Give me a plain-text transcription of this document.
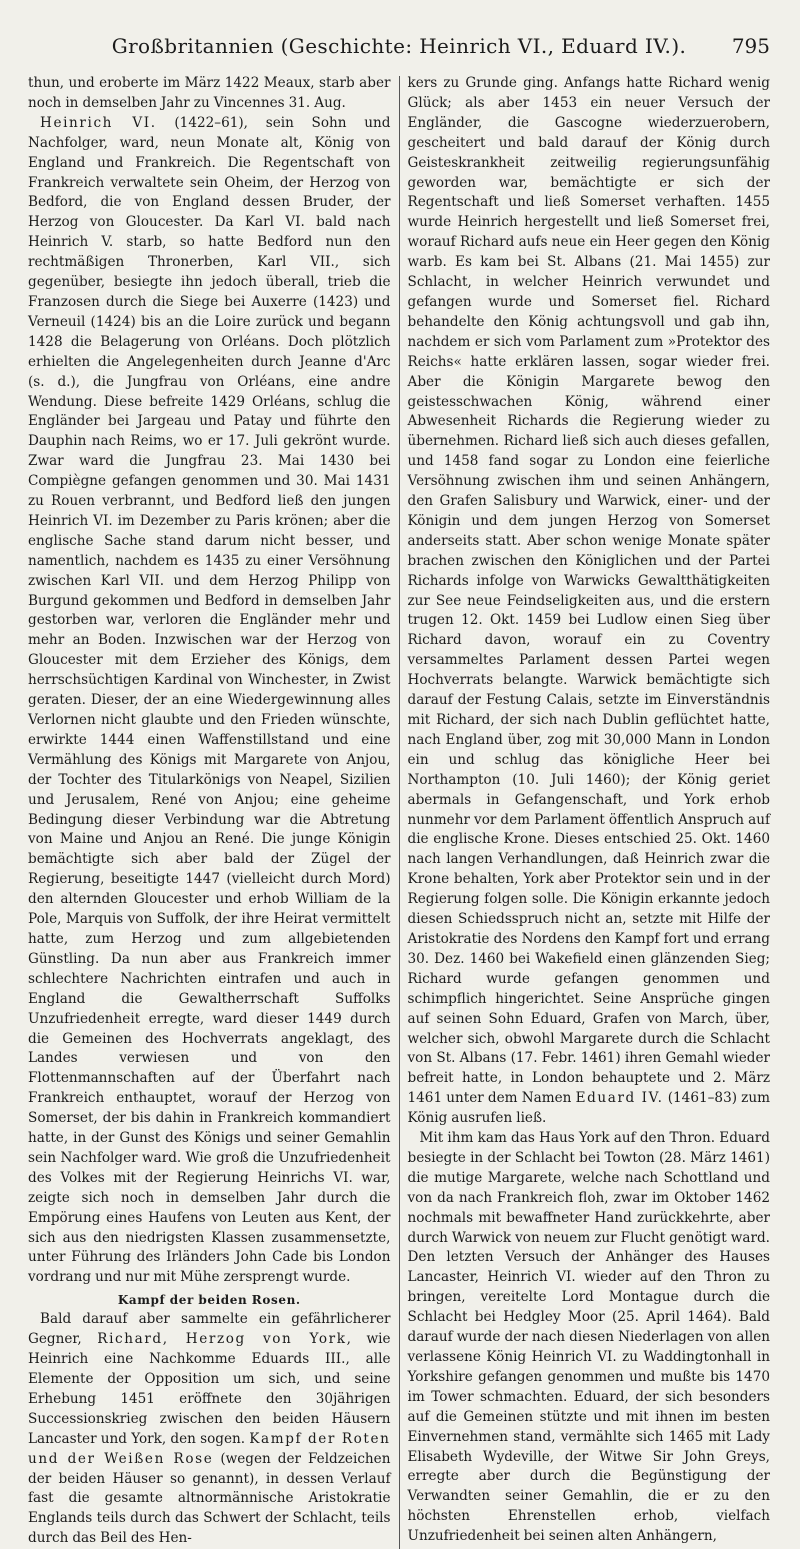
Großbritannien (Geschichte: Heinrich VI., Eduard IV.).	795

thun, und eroberte im März 1422 Meaux, starb aber noch in demselben Jahr zu Vincennes 31. Aug.

Heinrich VI. (1422–61), sein Sohn und Nachfolger, ward, neun Monate alt, König von England und Frankreich. Die Regentschaft von Frankreich verwaltete sein Oheim, der Herzog von Bedford, die von England dessen Bruder, der Herzog von Gloucester. Da Karl VI. bald nach Heinrich V. starb, so hatte Bedford nun den rechtmäßigen Thronerben, Karl VII., sich gegenüber, besiegte ihn jedoch überall, trieb die Franzosen durch die Siege bei Auxerre (1423) und Verneuil (1424) bis an die Loire zurück und begann 1428 die Belagerung von Orléans. Doch plötzlich erhielten die Angelegenheiten durch Jeanne d'Arc (s. d.), die Jungfrau von Orléans, eine andre Wendung. Diese befreite 1429 Orléans, schlug die Engländer bei Jargeau und Patay und führte den Dauphin nach Reims, wo er 17. Juli gekrönt wurde. Zwar ward die Jungfrau 23. Mai 1430 bei Compiègne gefangen genommen und 30. Mai 1431 zu Rouen verbrannt, und Bedford ließ den jungen Heinrich VI. im Dezember zu Paris krönen; aber die englische Sache stand darum nicht besser, und namentlich, nachdem es 1435 zu einer Versöhnung zwischen Karl VII. und dem Herzog Philipp von Burgund gekommen und Bedford in demselben Jahr gestorben war, verloren die Engländer mehr und mehr an Boden. Inzwischen war der Herzog von Gloucester mit dem Erzieher des Königs, dem herrschsüchtigen Kardinal von Winchester, in Zwist geraten. Dieser, der an eine Wiedergewinnung alles Verlornen nicht glaubte und den Frieden wünschte, erwirkte 1444 einen Waffenstillstand und eine Vermählung des Königs mit Margarete von Anjou, der Tochter des Titularkönigs von Neapel, Sizilien und Jerusalem, René von Anjou; eine geheime Bedingung dieser Verbindung war die Abtretung von Maine und Anjou an René. Die junge Königin bemächtigte sich aber bald der Zügel der Regierung, beseitigte 1447 (vielleicht durch Mord) den alternden Gloucester und erhob William de la Pole, Marquis von Suffolk, der ihre Heirat vermittelt hatte, zum Herzog und zum allgebietenden Günstling. Da nun aber aus Frankreich immer schlechtere Nachrichten eintrafen und auch in England die Gewaltherrschaft Suffolks Unzufriedenheit erregte, ward dieser 1449 durch die Gemeinen des Hochverrats angeklagt, des Landes verwiesen und von den Flottenmannschaften auf der Überfahrt nach Frankreich enthauptet, worauf der Herzog von Somerset, der bis dahin in Frankreich kommandiert hatte, in der Gunst des Königs und seiner Gemahlin sein Nachfolger ward. Wie groß die Unzufriedenheit des Volkes mit der Regierung Heinrichs VI. war, zeigte sich noch in demselben Jahr durch die Empörung eines Haufens von Leuten aus Kent, der sich aus den niedrigsten Klassen zusammensetzte, unter Führung des Irländers John Cade bis London vordrang und nur mit Mühe zersprengt wurde.

Kampf der beiden Rosen.

Bald darauf aber sammelte ein gefährlicherer Gegner, Richard, Herzog von York, wie Heinrich eine Nachkomme Eduards III., alle Elemente der Opposition um sich, und seine Erhebung 1451 eröffnete den 30jährigen Successionskrieg zwischen den beiden Häusern Lancaster und York, den sogen. Kampf der Roten und der Weißen Rose (wegen der Feldzeichen der beiden Häuser so genannt), in dessen Verlauf fast die gesamte altnormännische Aristokratie Englands teils durch das Schwert der Schlacht, teils durch das Beil des Hen-

kers zu Grunde ging. Anfangs hatte Richard wenig Glück; als aber 1453 ein neuer Versuch der Engländer, die Gascogne wiederzuerobern, gescheitert und bald darauf der König durch Geisteskrankheit zeitweilig regierungsunfähig geworden war, bemächtigte er sich der Regentschaft und ließ Somerset verhaften. 1455 wurde Heinrich hergestellt und ließ Somerset frei, worauf Richard aufs neue ein Heer gegen den König warb. Es kam bei St. Albans (21. Mai 1455) zur Schlacht, in welcher Heinrich verwundet und gefangen wurde und Somerset fiel. Richard behandelte den König achtungsvoll und gab ihn, nachdem er sich vom Parlament zum »Protektor des Reichs« hatte erklären lassen, sogar wieder frei. Aber die Königin Margarete bewog den geistesschwachen König, während einer Abwesenheit Richards die Regierung wieder zu übernehmen. Richard ließ sich auch dieses gefallen, und 1458 fand sogar zu London eine feierliche Versöhnung zwischen ihm und seinen Anhängern, den Grafen Salisbury und Warwick, einer- und der Königin und dem jungen Herzog von Somerset anderseits statt. Aber schon wenige Monate später brachen zwischen den Königlichen und der Partei Richards infolge von Warwicks Gewaltthätigkeiten zur See neue Feindseligkeiten aus, und die erstern trugen 12. Okt. 1459 bei Ludlow einen Sieg über Richard davon, worauf ein zu Coventry versammeltes Parlament dessen Partei wegen Hochverrats belangte. Warwick bemächtigte sich darauf der Festung Calais, setzte im Einverständnis mit Richard, der sich nach Dublin geflüchtet hatte, nach England über, zog mit 30,000 Mann in London ein und schlug das königliche Heer bei Northampton (10. Juli 1460); der König geriet abermals in Gefangenschaft, und York erhob nunmehr vor dem Parlament öffentlich Anspruch auf die englische Krone. Dieses entschied 25. Okt. 1460 nach langen Verhandlungen, daß Heinrich zwar die Krone behalten, York aber Protektor sein und in der Regierung folgen solle. Die Königin erkannte jedoch diesen Schiedsspruch nicht an, setzte mit Hilfe der Aristokratie des Nordens den Kampf fort und errang 30. Dez. 1460 bei Wakefield einen glänzenden Sieg; Richard wurde gefangen genommen und schimpflich hingerichtet. Seine Ansprüche gingen auf seinen Sohn Eduard, Grafen von March, über, welcher sich, obwohl Margarete durch die Schlacht von St. Albans (17. Febr. 1461) ihren Gemahl wieder befreit hatte, in London behauptete und 2. März 1461 unter dem Namen Eduard IV. (1461–83) zum König ausrufen ließ.

Mit ihm kam das Haus York auf den Thron. Eduard besiegte in der Schlacht bei Towton (28. März 1461) die mutige Margarete, welche nach Schottland und von da nach Frankreich floh, zwar im Oktober 1462 nochmals mit bewaffneter Hand zurückkehrte, aber durch Warwick von neuem zur Flucht genötigt ward. Den letzten Versuch der Anhänger des Hauses Lancaster, Heinrich VI. wieder auf den Thron zu bringen, vereitelte Lord Montague durch die Schlacht bei Hedgley Moor (25. April 1464). Bald darauf wurde der nach diesen Niederlagen von allen verlassene König Heinrich VI. zu Waddingtonhall in Yorkshire gefangen genommen und mußte bis 1470 im Tower schmachten. Eduard, der sich besonders auf die Gemeinen stützte und mit ihnen im besten Einvernehmen stand, vermählte sich 1465 mit Lady Elisabeth Wydeville, der Witwe Sir John Greys, erregte aber durch die Begünstigung der Verwandten seiner Gemahlin, die er zu den höchsten Ehrenstellen erhob, vielfach Unzufriedenheit bei seinen alten Anhängern,
